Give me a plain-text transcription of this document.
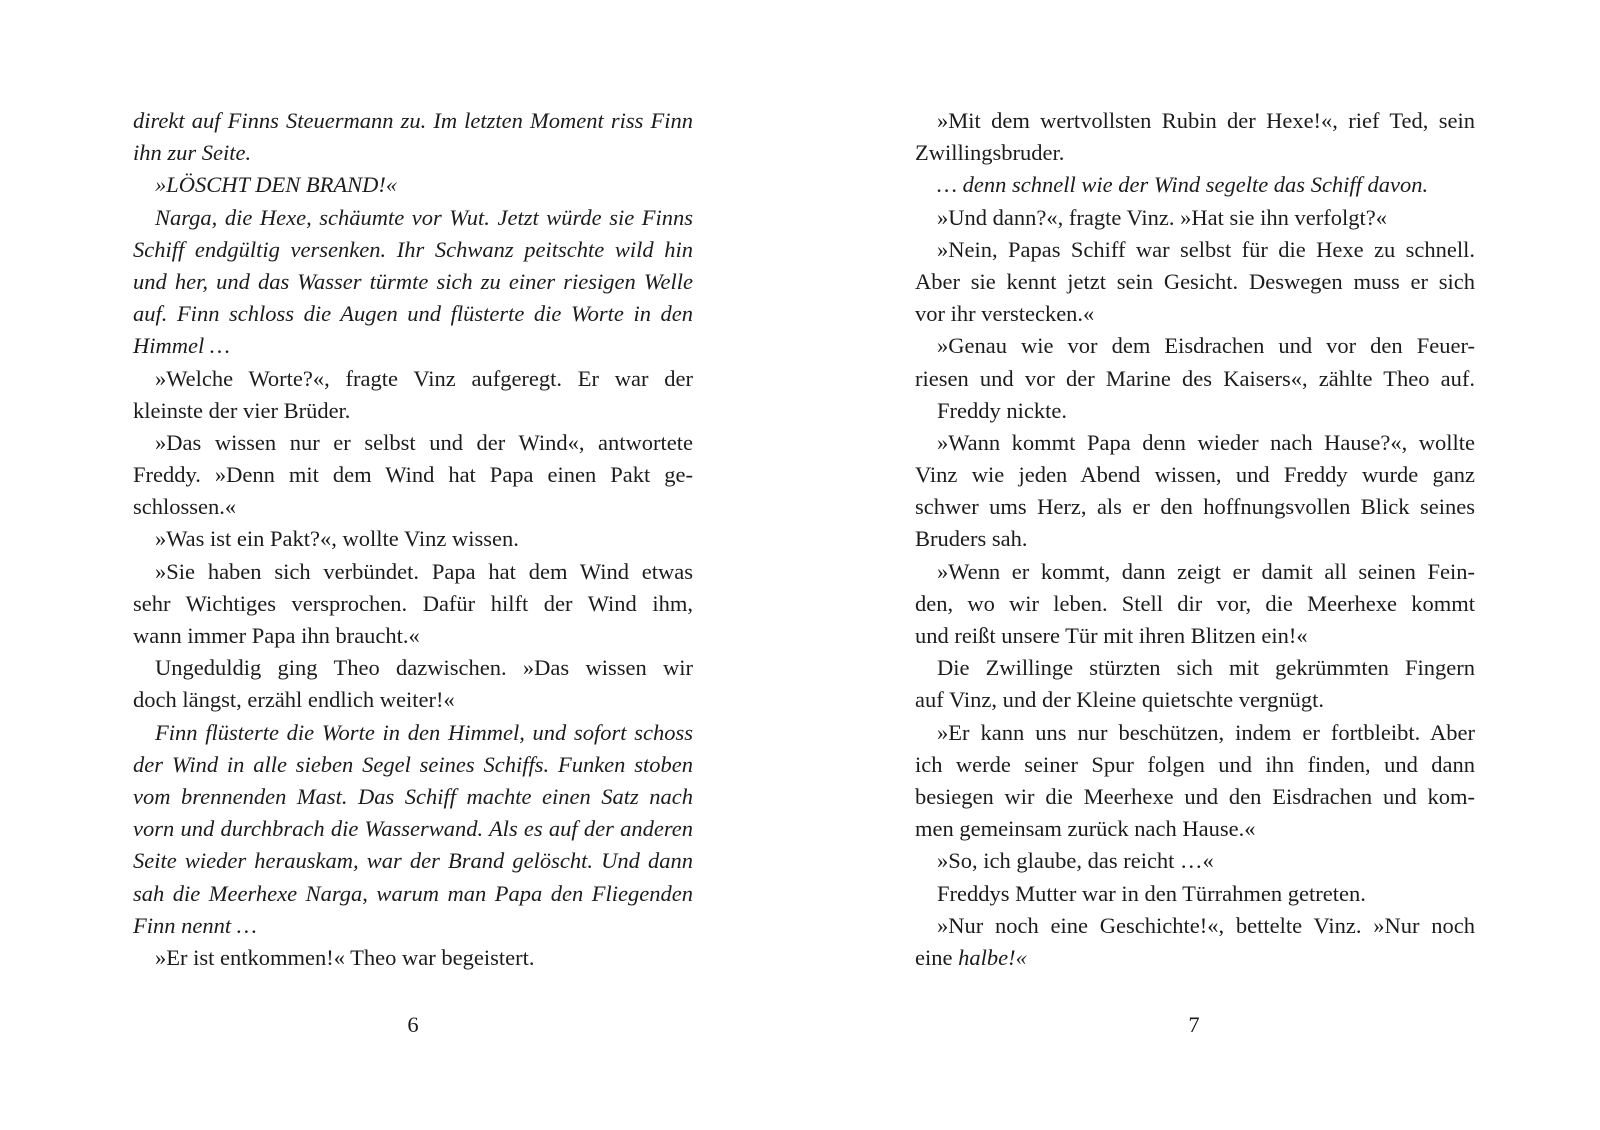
direkt auf Finns Steuermann zu. Im letzten Moment riss Finn
ihn zur Seite.
»LÖSCHT DEN BRAND!«
Narga, die Hexe, schäumte vor Wut. Jetzt würde sie Finns
Schiff endgültig versenken. Ihr Schwanz peitschte wild hin
und her, und das Wasser türmte sich zu einer riesigen Welle
auf. Finn schloss die Augen und flüsterte die Worte in den
Himmel …
»Welche Worte?«, fragte Vinz aufgeregt. Er war der
kleinste der vier Brüder.
»Das wissen nur er selbst und der Wind«, antwortete
Freddy. »Denn mit dem Wind hat Papa einen Pakt ge-
schlossen.«
»Was ist ein Pakt?«, wollte Vinz wissen.
»Sie haben sich verbündet. Papa hat dem Wind etwas
sehr Wichtiges versprochen. Dafür hilft der Wind ihm,
wann immer Papa ihn braucht.«
Ungeduldig ging Theo dazwischen. »Das wissen wir
doch längst, erzähl endlich weiter!«
Finn flüsterte die Worte in den Himmel, und sofort schoss
der Wind in alle sieben Segel seines Schiffs. Funken stoben
vom brennenden Mast. Das Schiff machte einen Satz nach
vorn und durchbrach die Wasserwand. Als es auf der anderen
Seite wieder herauskam, war der Brand gelöscht. Und dann
sah die Meerhexe Narga, warum man Papa den Fliegenden
Finn nennt …
»Er ist entkommen!« Theo war begeistert.
6
»Mit dem wertvollsten Rubin der Hexe!«, rief Ted, sein
Zwillingsbruder.
… denn schnell wie der Wind segelte das Schiff davon.
»Und dann?«, fragte Vinz. »Hat sie ihn verfolgt?«
»Nein, Papas Schiff war selbst für die Hexe zu schnell.
Aber sie kennt jetzt sein Gesicht. Deswegen muss er sich
vor ihr verstecken.«
»Genau wie vor dem Eisdrachen und vor den Feuer-
riesen und vor der Marine des Kaisers«, zählte Theo auf.
Freddy nickte.
»Wann kommt Papa denn wieder nach Hause?«, wollte
Vinz wie jeden Abend wissen, und Freddy wurde ganz
schwer ums Herz, als er den hoffnungsvollen Blick seines
Bruders sah.
»Wenn er kommt, dann zeigt er damit all seinen Fein-
den, wo wir leben. Stell dir vor, die Meerhexe kommt
und reißt unsere Tür mit ihren Blitzen ein!«
Die Zwillinge stürzten sich mit gekrümmten Fingern
auf Vinz, und der Kleine quietschte vergnügt.
»Er kann uns nur beschützen, indem er fortbleibt. Aber
ich werde seiner Spur folgen und ihn finden, und dann
besiegen wir die Meerhexe und den Eisdrachen und kom-
men gemeinsam zurück nach Hause.«
»So, ich glaube, das reicht …«
Freddys Mutter war in den Türrahmen getreten.
»Nur noch eine Geschichte!«, bettelte Vinz. »Nur noch
eine halbe!«
7
